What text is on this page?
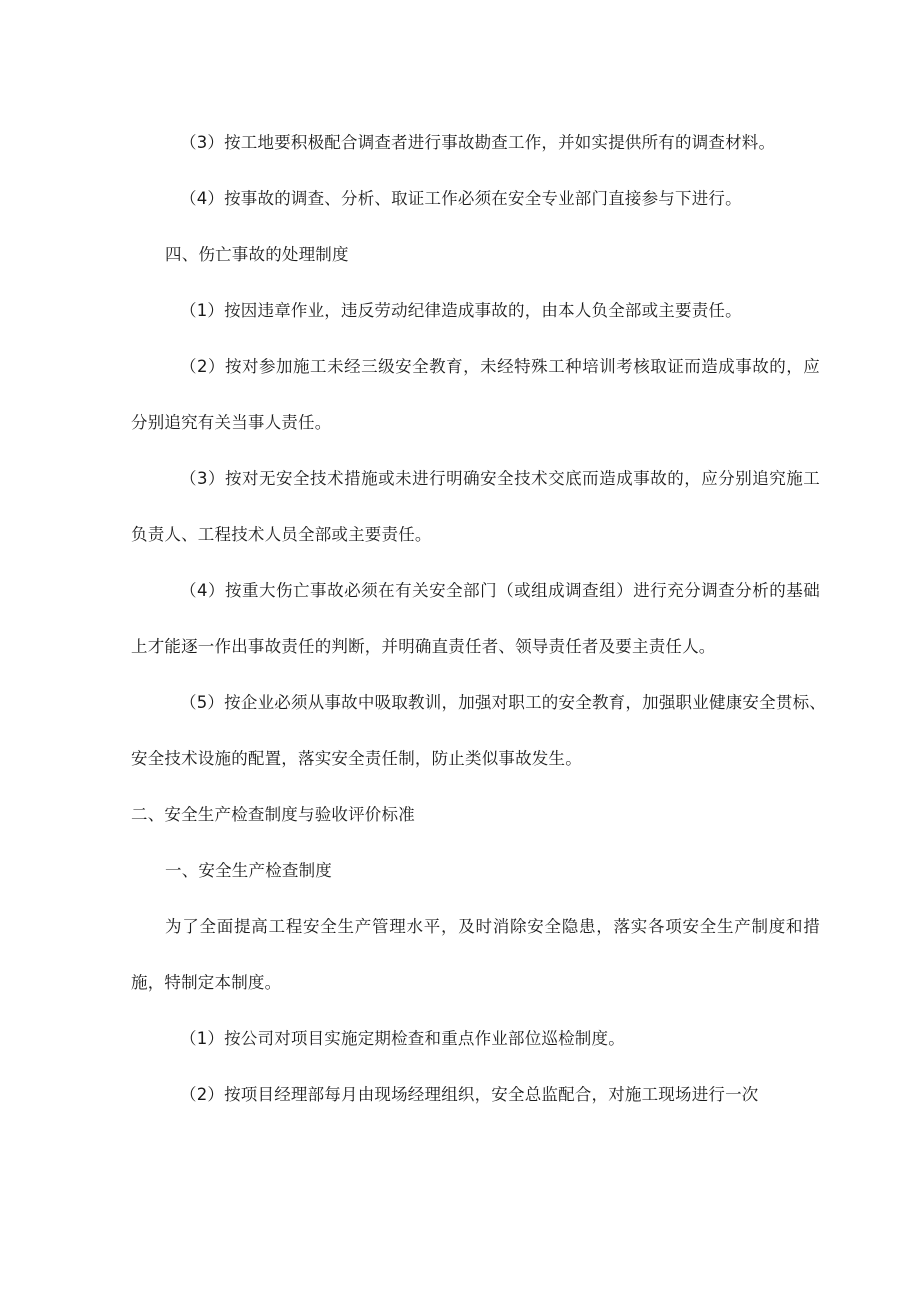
（3）按工地要积极配合调查者进行事故勘查工作，并如实提供所有的调查材料。
（4）按事故的调查、分析、取证工作必须在安全专业部门直接参与下进行。
四、伤亡事故的处理制度
（1）按因违章作业，违反劳动纪律造成事故的，由本人负全部或主要责任。
（2）按对参加施工未经三级安全教育，未经特殊工种培训考核取证而造成事故的，应
分别追究有关当事人责任。
（3）按对无安全技术措施或未进行明确安全技术交底而造成事故的，应分别追究施工
负责人、工程技术人员全部或主要责任。
（4）按重大伤亡事故必须在有关安全部门（或组成调查组）进行充分调查分析的基础
上才能逐一作出事故责任的判断，并明确直责任者、领导责任者及要主责任人。
（5）按企业必须从事故中吸取教训，加强对职工的安全教育，加强职业健康安全贯标、
安全技术设施的配置，落实安全责任制，防止类似事故发生。
二、安全生产检查制度与验收评价标准
一、安全生产检查制度
为了全面提高工程安全生产管理水平，及时消除安全隐患，落实各项安全生产制度和措
施，特制定本制度。
（1）按公司对项目实施定期检查和重点作业部位巡检制度。
（2）按项目经理部每月由现场经理组织，安全总监配合，对施工现场进行一次
